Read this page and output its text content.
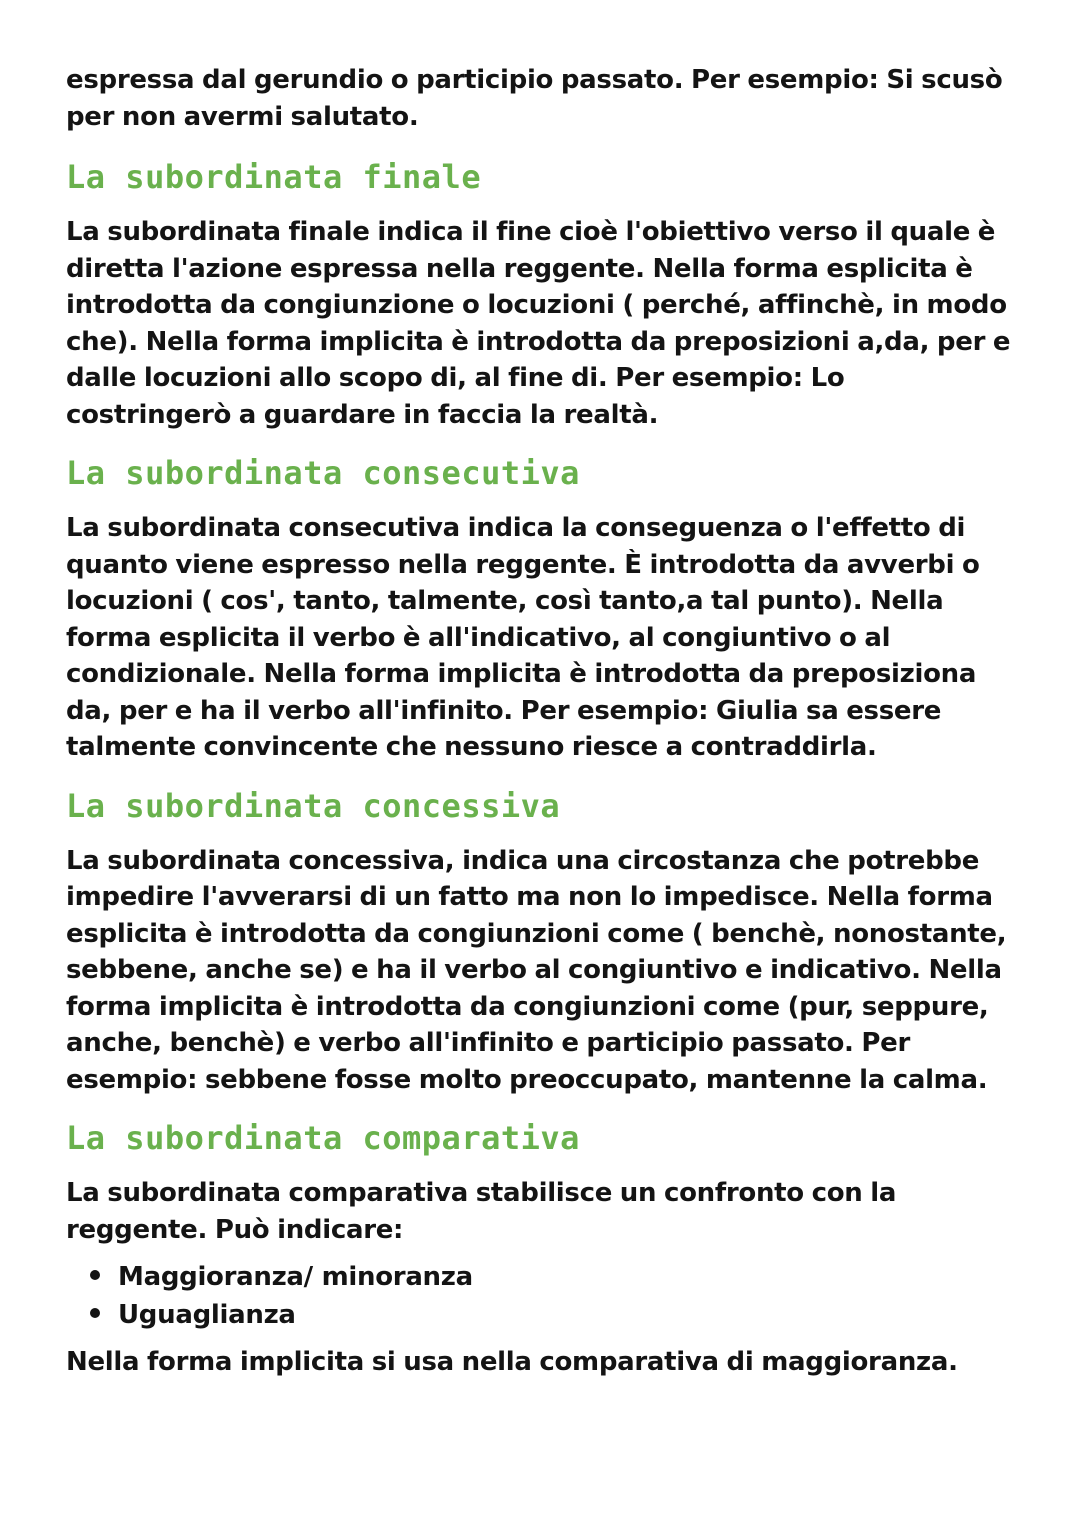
espressa dal gerundio o participio passato. Per esempio: Si scusò per non avermi salutato.

La subordinata finale

La subordinata finale indica il fine cioè l'obiettivo verso il quale è diretta l'azione espressa nella reggente. Nella forma esplicita è introdotta da congiunzione o locuzioni ( perché, affinchè, in modo che). Nella forma implicita è introdotta da preposizioni a,da, per e dalle locuzioni allo scopo di, al fine di. Per esempio: Lo costringerò a guardare in faccia la realtà.

La subordinata consecutiva

La subordinata consecutiva indica la conseguenza o l'effetto di quanto viene espresso nella reggente. È introdotta da avverbi o locuzioni ( cos', tanto, talmente, così tanto,a tal punto). Nella forma esplicita il verbo è all'indicativo, al congiuntivo o al condizionale. Nella forma implicita è introdotta da preposiziona da, per e ha il verbo all'infinito. Per esempio: Giulia sa essere talmente convincente che nessuno riesce a contraddirla.

La subordinata concessiva

La subordinata concessiva, indica una circostanza che potrebbe impedire l'avverarsi di un fatto ma non lo impedisce. Nella forma esplicita è introdotta da congiunzioni come ( benchè, nonostante, sebbene, anche se) e ha il verbo al congiuntivo e indicativo. Nella forma implicita è introdotta da congiunzioni come (pur, seppure, anche, benchè) e verbo all'infinito e participio passato. Per esempio: sebbene fosse molto preoccupato, mantenne la calma.

La subordinata comparativa

La subordinata comparativa stabilisce un confronto con la reggente. Può indicare:

Maggioranza/ minoranza
Uguaglianza

Nella forma implicita si usa nella comparativa di maggioranza.
